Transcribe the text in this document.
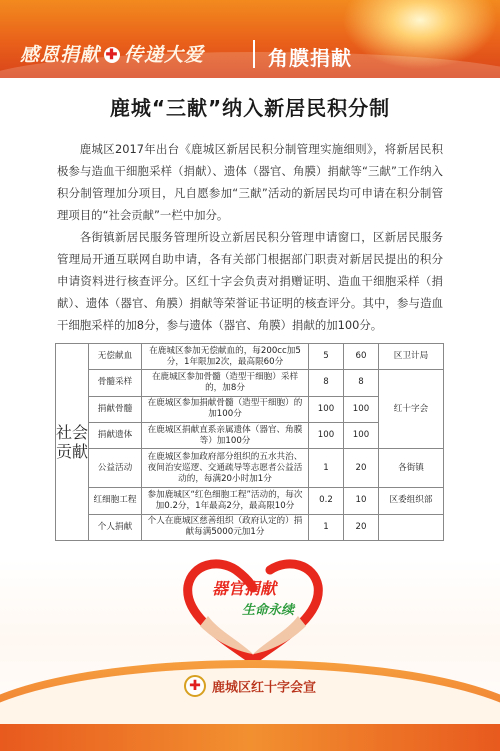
感恩捐献 ✚ 传递大爱	角膜捐献
鹿城“三献”纳入新居民积分制

鹿城区2017年出台《鹿城区新居民积分制管理实施细则》，将新居民积极参与造血干细胞采样（捐献）、遗体（器官、角膜）捐献等“三献”工作纳入积分制管理加分项目，凡自愿参加“三献”活动的新居民均可申请在积分制管理项目的“社会贡献”一栏中加分。

各街镇新居民服务管理所设立新居民积分管理申请窗口，区新居民服务管理局开通互联网自助申请，各有关部门根据部门职责对新居民提出的积分申请资料进行核查评分。区红十字会负责对捐赠证明、造血干细胞采样（捐献）、遗体（器官、角膜）捐献等荣誉证书证明的核查评分。其中，参与造血干细胞采样的加8分，参与遗体（器官、角膜）捐献的加100分。

社会贡献	无偿献血	在鹿城区参加无偿献血的，每200cc加5分，1年限加2次，最高限60分	5	60	区卫计局
	骨髓采样	在鹿城区参加骨髓（造型干细胞）采样的，加8分	8	8	红十字会
	捐献骨髓	在鹿城区参加捐献骨髓（造型干细胞）的加100分	100	100	
	捐献遗体	在鹿城区捐献直系亲属遗体（器官、角膜等）加100分	100	100	
	公益活动	在鹿城区参加政府部分组织的五水共治、夜间治安巡逻、交通疏导等志愿者公益活动的，每满20小时加1分	1	20	各街镇
	红细胞工程	参加鹿城区“红色细胞工程”活动的，每次加0.2分，1年最高2分，最高限10分	0.2	10	区委组织部
	个人捐献	个人在鹿城区慈善组织（政府认定的）捐献每满5000元加1分	1	20	
器官捐献
生命永续
✚ 鹿城区红十字会宣
